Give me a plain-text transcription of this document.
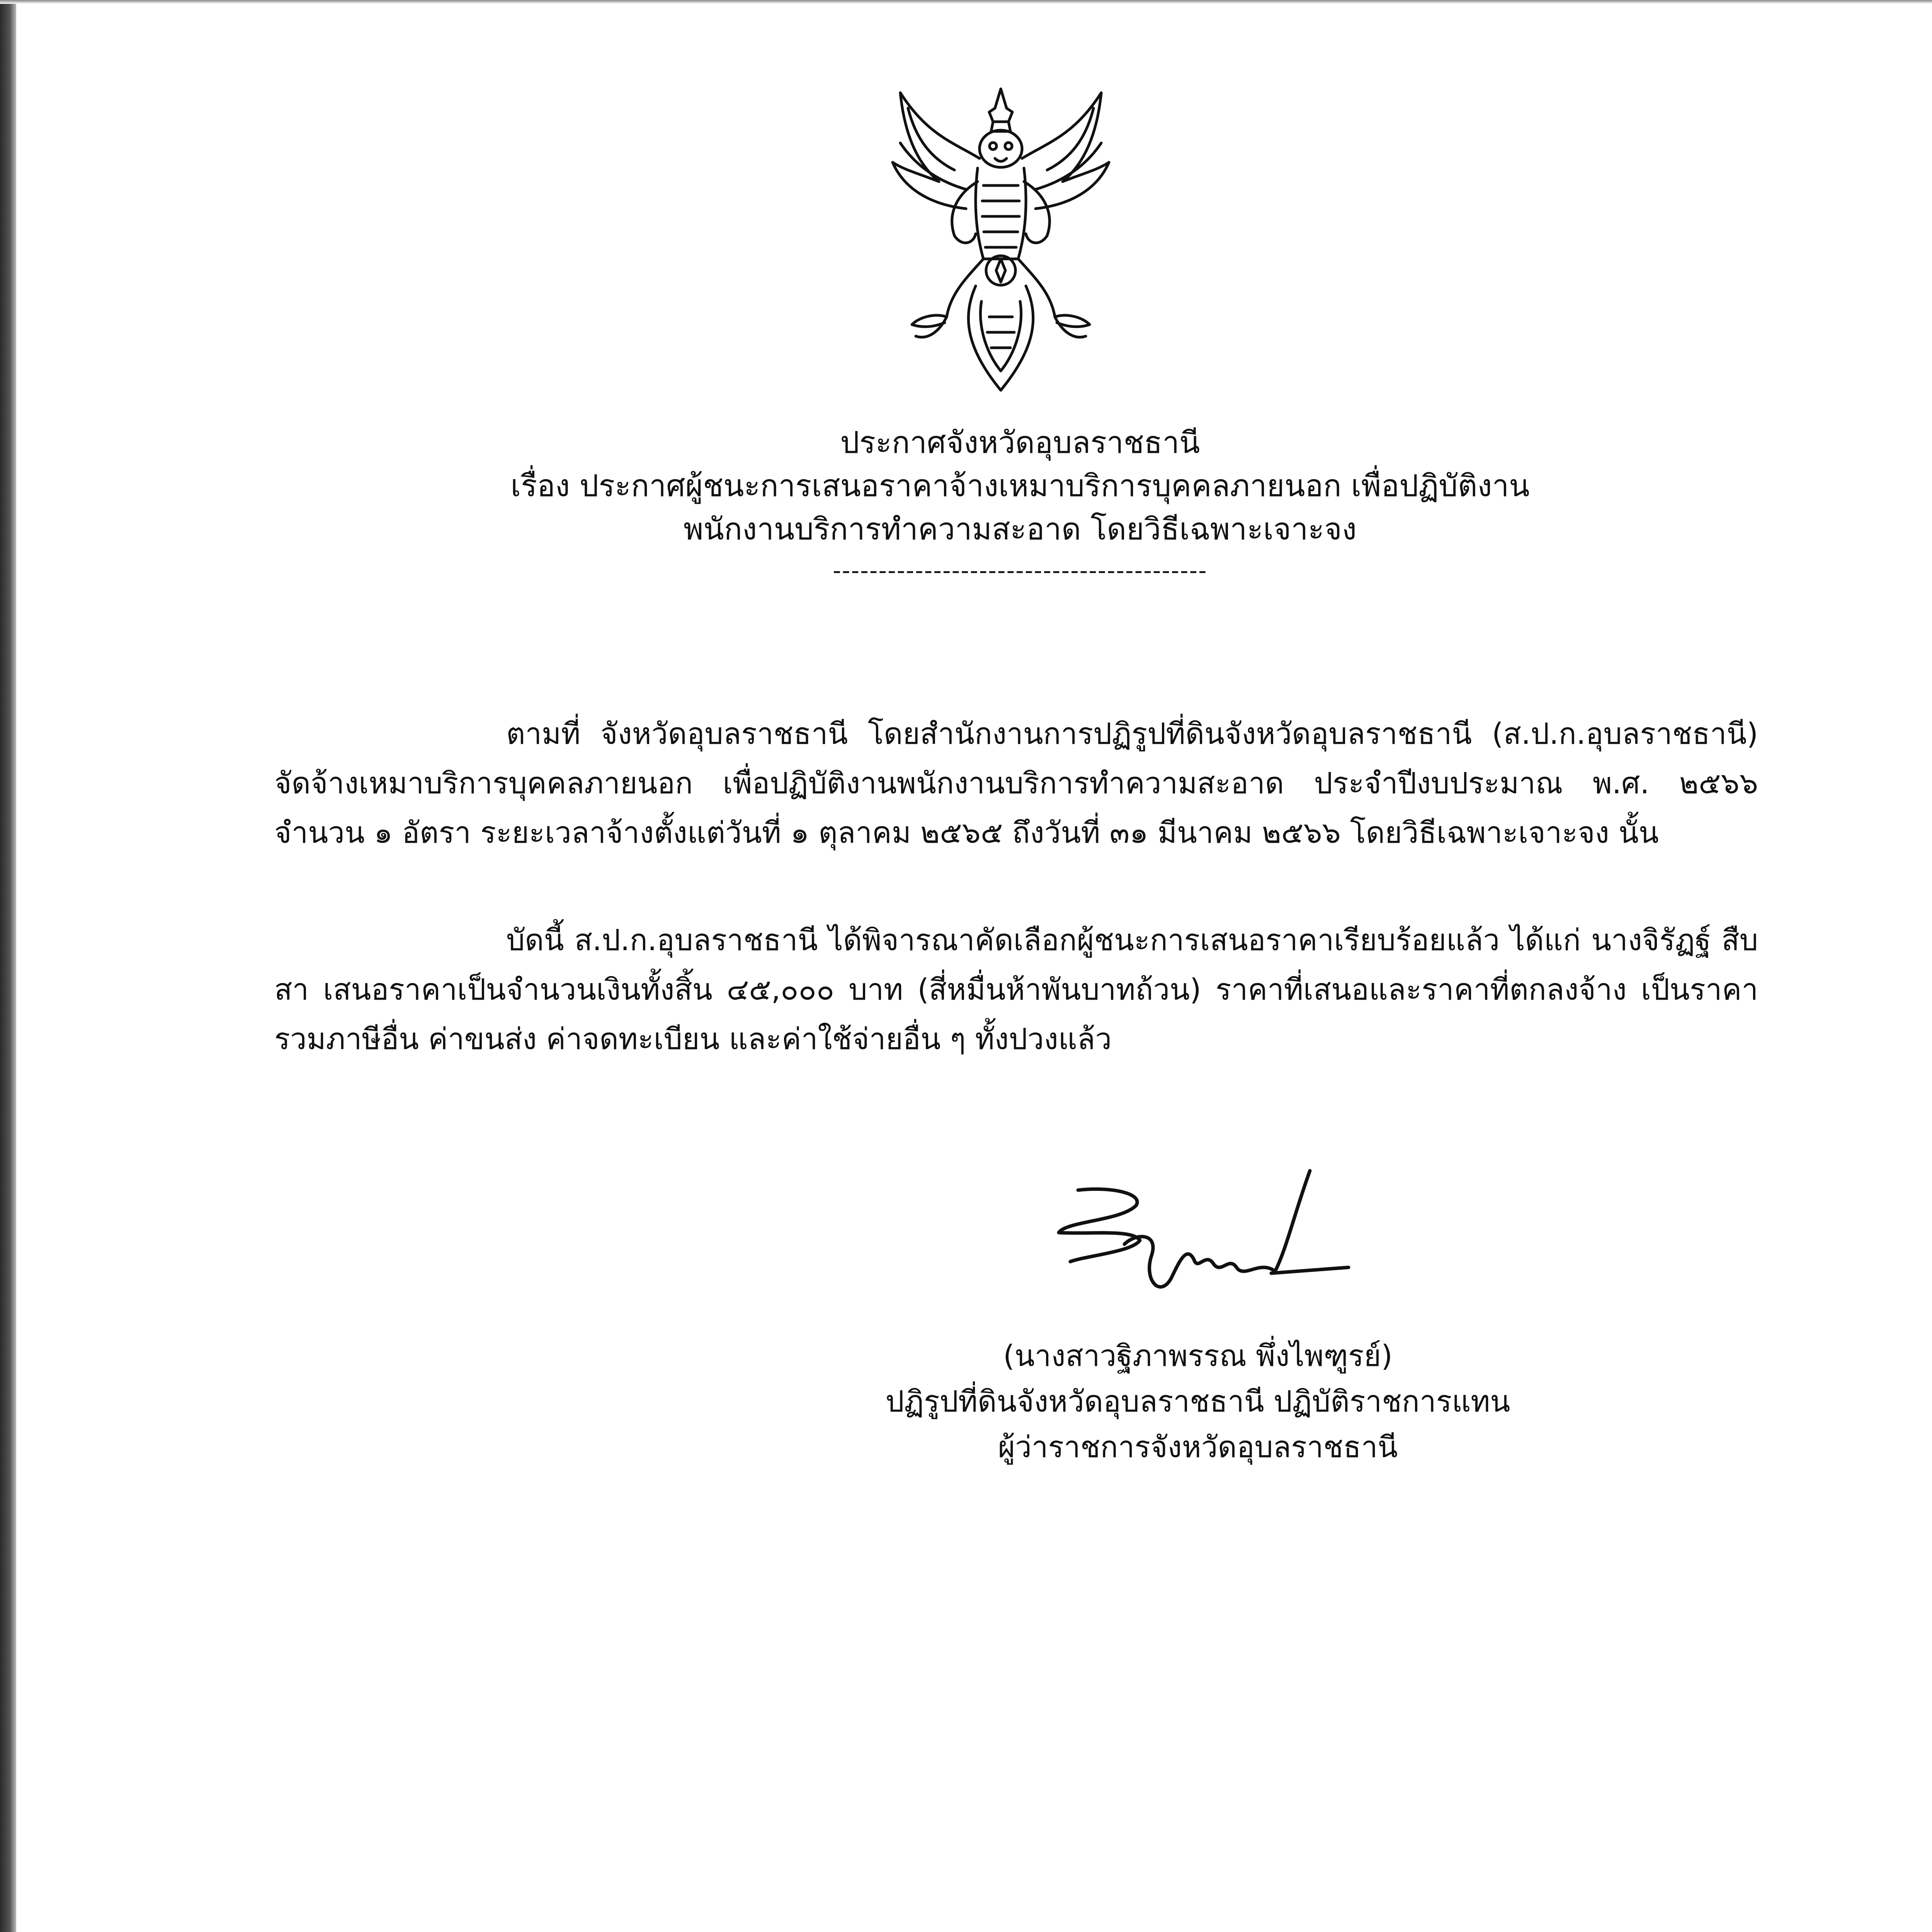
ประกาศจังหวัดอุบลราชธานี
เรื่อง ประกาศผู้ชนะการเสนอราคาจ้างเหมาบริการบุคคลภายนอก เพื่อปฏิบัติงาน
พนักงานบริการทำความสะอาด โดยวิธีเฉพาะเจาะจง
-----------------------------------------

ตามที่ จังหวัดอุบลราชธานี โดยสำนักงานการปฏิรูปที่ดินจังหวัดอุบลราชธานี (ส.ป.ก.อุบลราชธานี) จัดจ้างเหมาบริการบุคคลภายนอก เพื่อปฏิบัติงานพนักงานบริการทำความสะอาด ประจำปีงบประมาณ พ.ศ. ๒๕๖๖ จำนวน ๑ อัตรา ระยะเวลาจ้างตั้งแต่วันที่ ๑ ตุลาคม ๒๕๖๕ ถึงวันที่ ๓๑ มีนาคม ๒๕๖๖ โดยวิธีเฉพาะเจาะจง นั้น

บัดนี้ ส.ป.ก.อุบลราชธานี ได้พิจารณาคัดเลือกผู้ชนะการเสนอราคาเรียบร้อยแล้ว ได้แก่ นางจิรัฏฐ์ สืบสา เสนอราคาเป็นจำนวนเงินทั้งสิ้น ๔๕,๐๐๐ บาท (สี่หมื่นห้าพันบาทถ้วน) ราคาที่เสนอและราคาที่ตกลงจ้าง เป็นราคารวมภาษีอื่น ค่าขนส่ง ค่าจดทะเบียน และค่าใช้จ่ายอื่น ๆ ทั้งปวงแล้ว

(นางสาวฐิภาพรรณ พึ่งไพฑูรย์)
ปฏิรูปที่ดินจังหวัดอุบลราชธานี ปฏิบัติราชการแทน
ผู้ว่าราชการจังหวัดอุบลราชธานี
